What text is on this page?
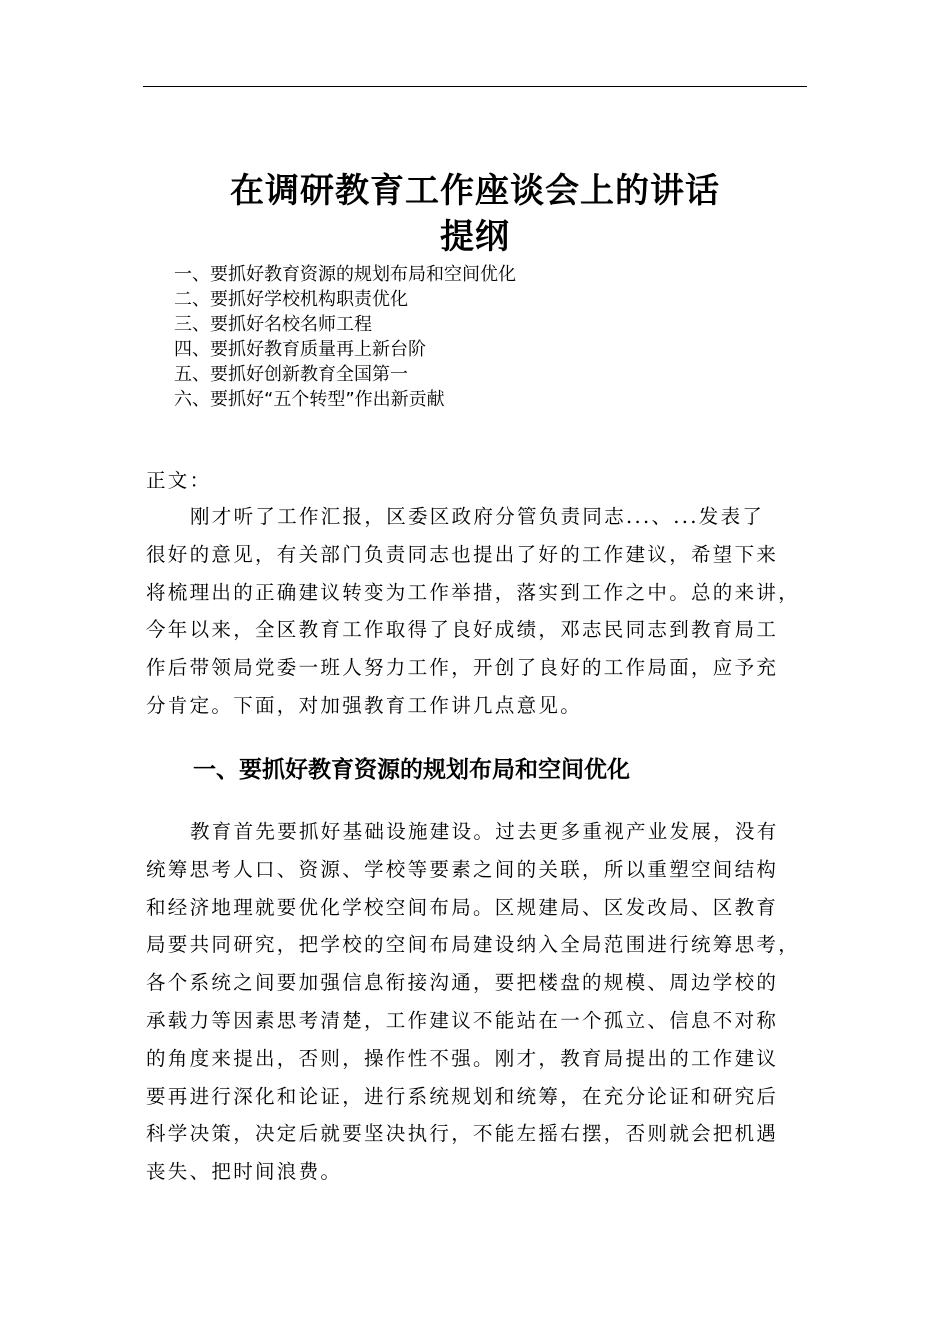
在调研教育工作座谈会上的讲话
提纲
一、要抓好教育资源的规划布局和空间优化
二、要抓好学校机构职责优化
三、要抓好名校名师工程
四、要抓好教育质量再上新台阶
五、要抓好创新教育全国第一
六、要抓好“五个转型”作出新贡献
正文：

刚才听了工作汇报，区委区政府分管负责同志...、...发表了
很好的意见，有关部门负责同志也提出了好的工作建议，希望下来
将梳理出的正确建议转变为工作举措，落实到工作之中。总的来讲，
今年以来，全区教育工作取得了良好成绩，邓志民同志到教育局工
作后带领局党委一班人努力工作，开创了良好的工作局面，应予充
分肯定。下面，对加强教育工作讲几点意见。

一、要抓好教育资源的规划布局和空间优化

教育首先要抓好基础设施建设。过去更多重视产业发展，没有
统筹思考人口、资源、学校等要素之间的关联，所以重塑空间结构
和经济地理就要优化学校空间布局。区规建局、区发改局、区教育
局要共同研究，把学校的空间布局建设纳入全局范围进行统筹思考，
各个系统之间要加强信息衔接沟通，要把楼盘的规模、周边学校的
承载力等因素思考清楚，工作建议不能站在一个孤立、信息不对称
的角度来提出，否则，操作性不强。刚才，教育局提出的工作建议
要再进行深化和论证，进行系统规划和统筹，在充分论证和研究后
科学决策，决定后就要坚决执行，不能左摇右摆，否则就会把机遇
丧失、把时间浪费。
